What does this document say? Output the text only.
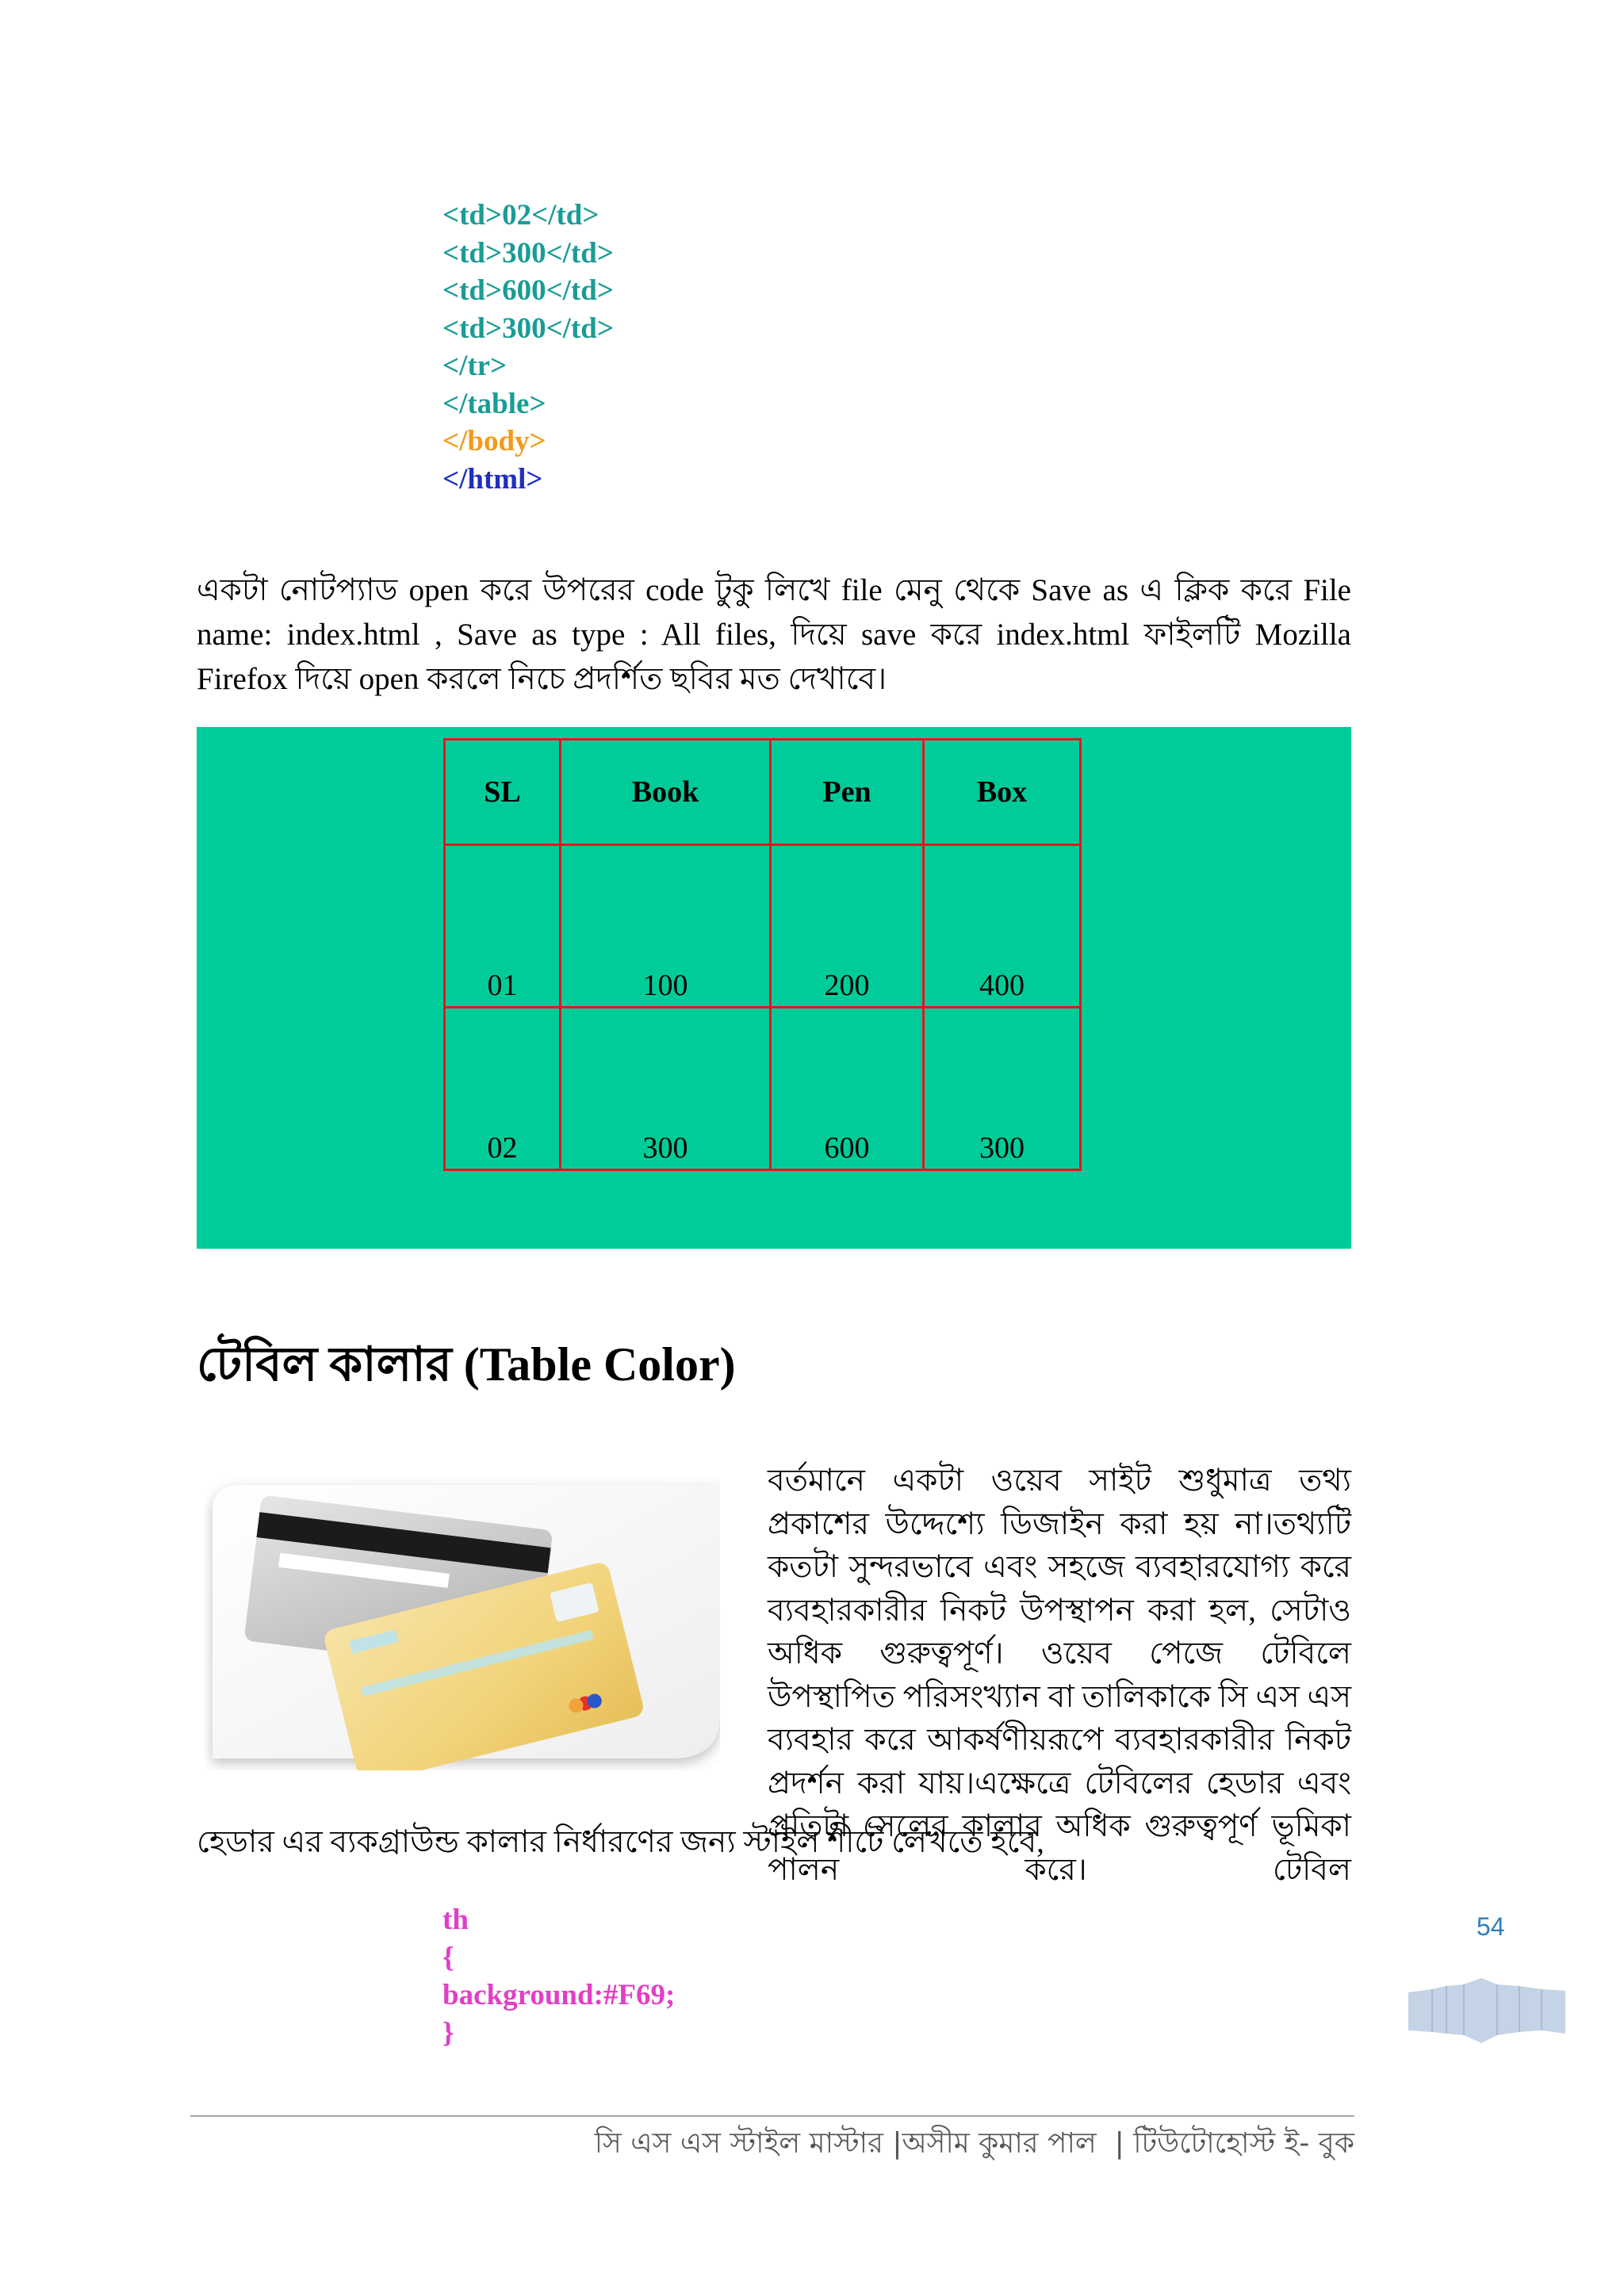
<td>02</td>
<td>300</td>
<td>600</td>
<td>300</td>
</tr>
</table>
</body>
</html>

একটা নোটপ্যাড open করে উপরের code টুকু লিখে file মেনু থেকে Save as এ ক্লিক করে File name: index.html , Save as type : All files, দিয়ে save করে index.html ফাইলটি Mozilla Firefox দিয়ে open করলে নিচে প্রদর্শিত ছবির মত দেখাবে।

SL	Book	Pen	Box
01	100	200	400
02	300	600	300
টেবিল কালার (Table Color)

বর্তমানে একটা ওয়েব সাইট শুধুমাত্র তথ্য প্রকাশের উদ্দেশ্যে ডিজাইন করা হয় না।তথ্যটি কতটা সুন্দরভাবে এবং সহজে ব্যবহারযোগ্য করে ব্যবহারকারীর নিকট উপস্থাপন করা হল, সেটাও অধিক গুরুত্বপূর্ণ। ওয়েব পেজে টেবিলে উপস্থাপিত পরিসংখ্যান বা তালিকাকে সি এস এস ব্যবহার করে আকর্ষণীয়রূপে ব্যবহারকারীর নিকট প্রদর্শন করা যায়।এক্ষেত্রে টেবিলের হেডার এবং প্রতিটা সেলের কালার অধিক গুরুত্বপূর্ণ ভূমিকা পালন করে। টেবিল

হেডার এর ব্যকগ্রাউন্ড কালার নির্ধারণের জন্য স্টাইল শীটে লেখতে হবে,
th
{
background:#F69;
}
54
সি এস এস স্টাইল মাস্টার |অসীম কুমার পাল  | টিউটোহোস্ট ই- বুক
